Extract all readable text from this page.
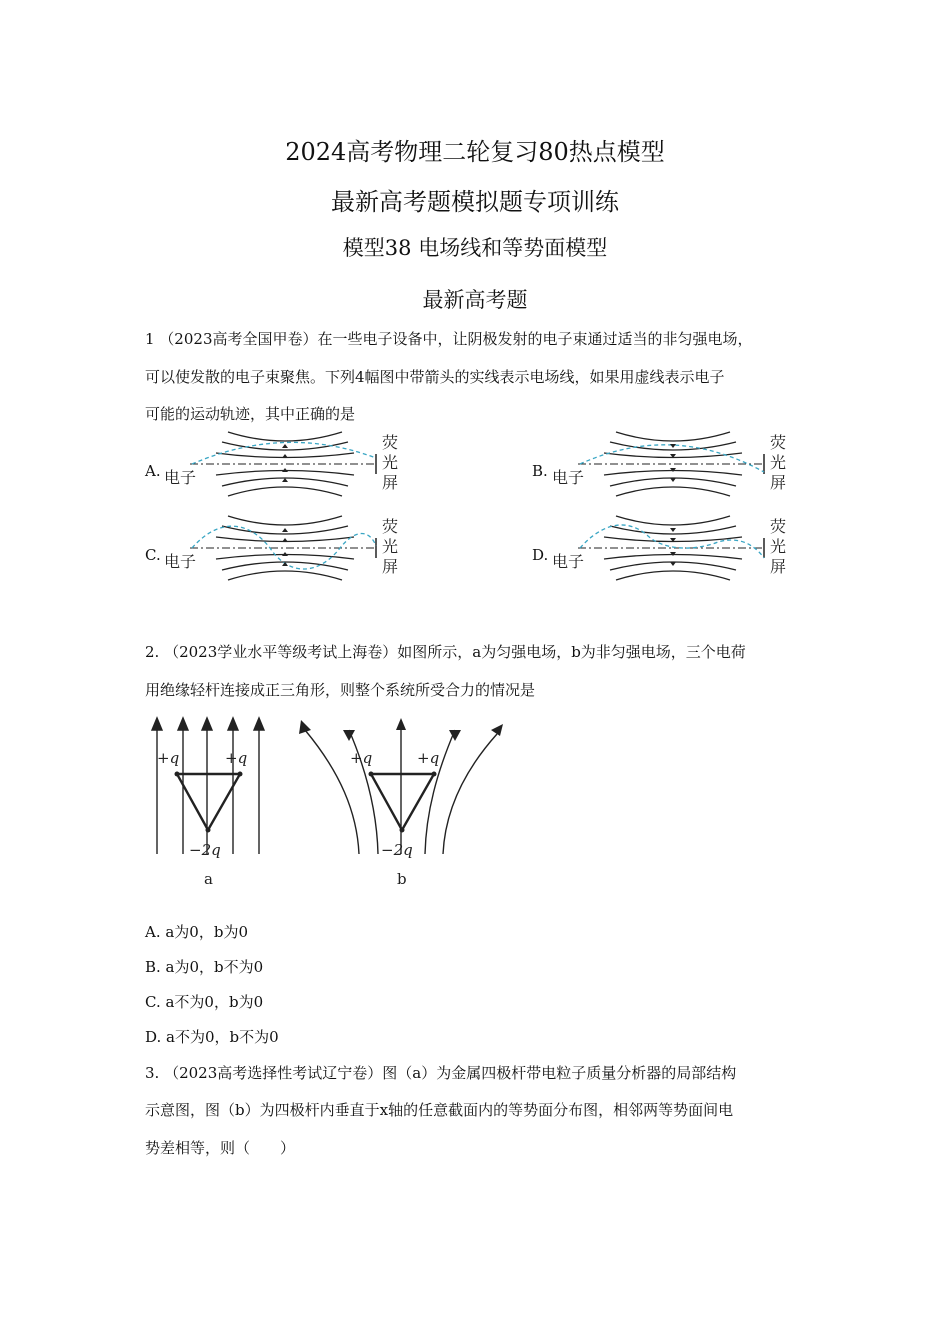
2024高考物理二轮复习80热点模型
最新高考题模拟题专项训练
模型38 电场线和等势面模型
最新高考题
1 （2023高考全国甲卷）在一些电子设备中，让阴极发射的电子束通过适当的非匀强电场，
可以使发散的电子束聚焦。下列4幅图中带箭头的实线表示电场线，如果用虚线表示电子
可能的运动轨迹，其中正确的是
A.	B.
C.	D.
电子
荧
光
屏	电子
荧
光
屏
电子
荧
光
屏	电子
荧
光
屏
2. （2023学业水平等级考试上海卷）如图所示，a为匀强电场，b为非匀强电场，三个电荷
用绝缘轻杆连接成正三角形，则整个系统所受合力的情况是
+q	+q
−2q
a
+q	+q
−2q
b
A. a为0，b为0
B. a为0，b不为0
C. a不为0，b为0
D. a不为0，b不为0
3. （2023高考选择性考试辽宁卷）图（a）为金属四极杆带电粒子质量分析器的局部结构
示意图，图（b）为四极杆内垂直于x轴的任意截面内的等势面分布图，相邻两等势面间电
势差相等，则（　　）
